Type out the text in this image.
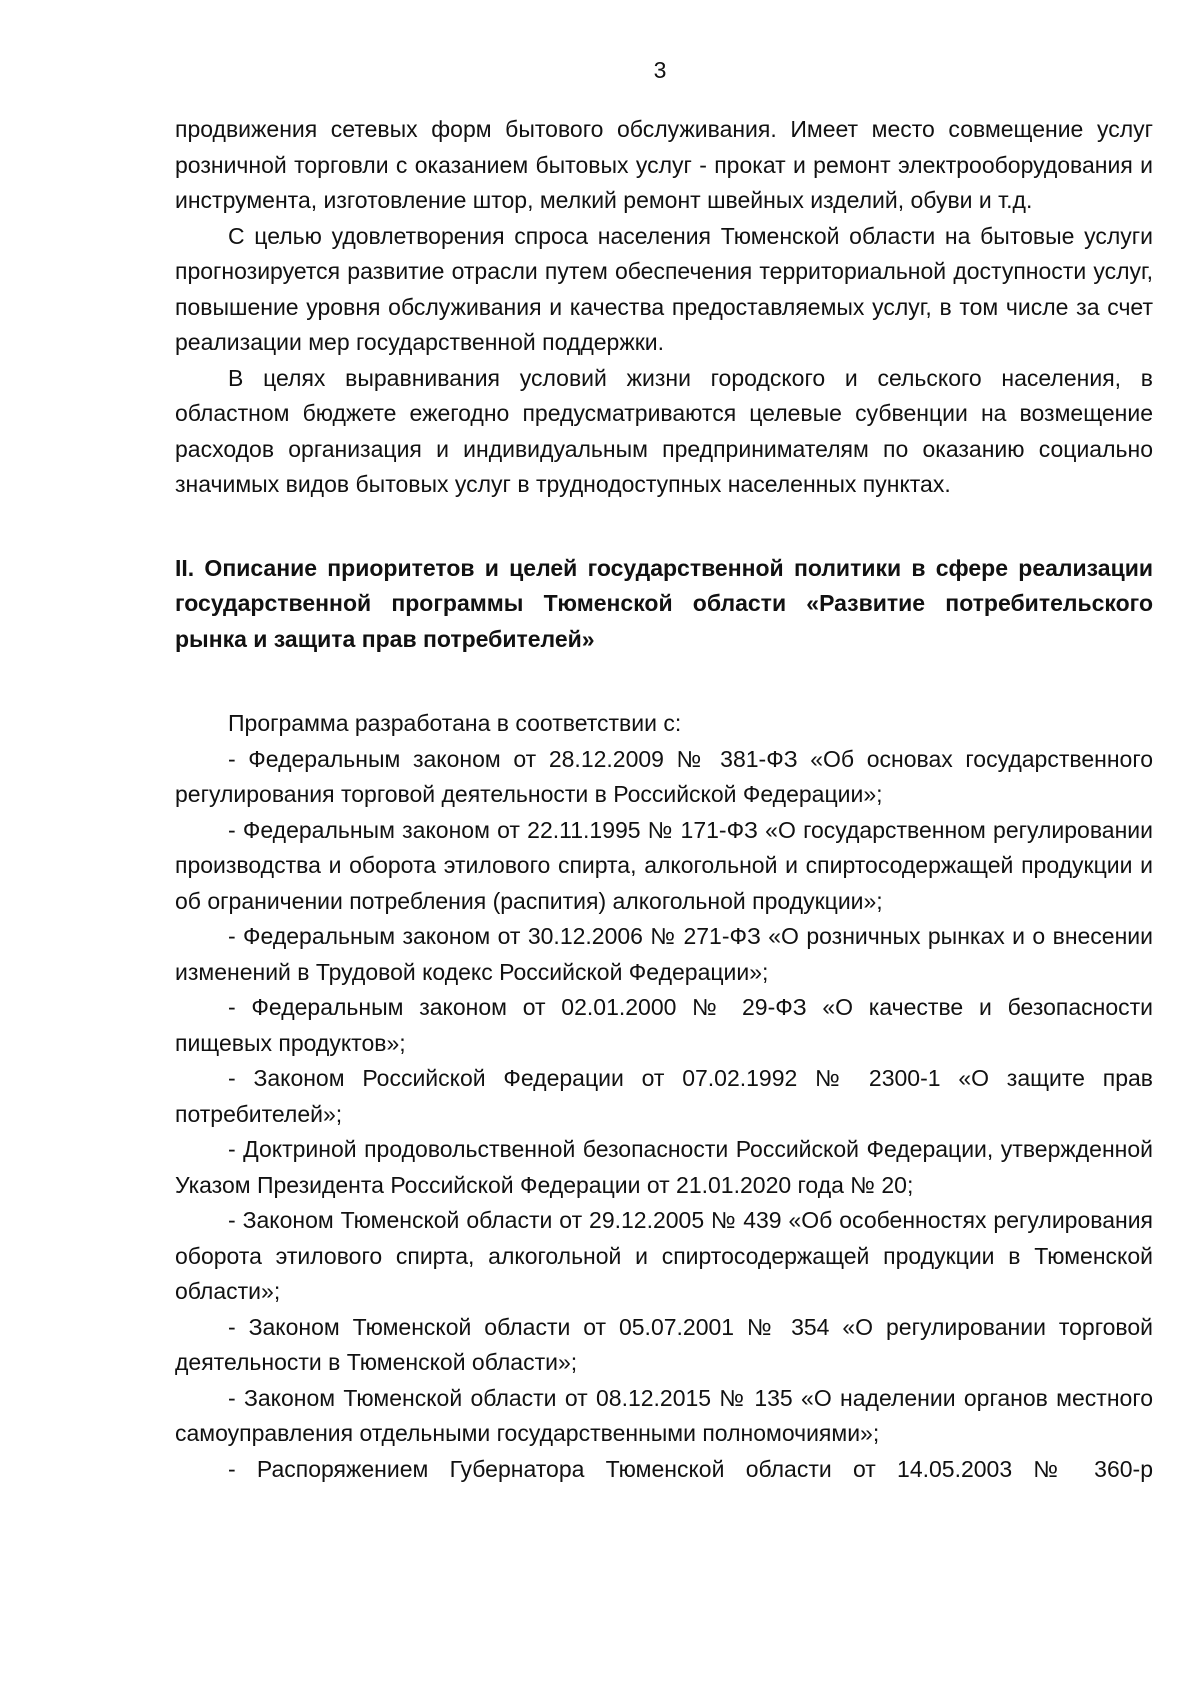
3

продвижения сетевых форм бытового обслуживания. Имеет место совмещение услуг розничной торговли с оказанием бытовых услуг - прокат и ремонт электрооборудования и инструмента, изготовление штор, мелкий ремонт швейных изделий, обуви и т.д.

С целью удовлетворения спроса населения Тюменской области на бытовые услуги прогнозируется развитие отрасли путем обеспечения территориальной доступности услуг, повышение уровня обслуживания и качества предоставляемых услуг, в том числе за счет реализации мер государственной поддержки.

В целях выравнивания условий жизни городского и сельского населения, в областном бюджете ежегодно предусматриваются целевые субвенции на возмещение расходов организация и индивидуальным предпринимателям по оказанию социально значимых видов бытовых услуг в труднодоступных населенных пунктах.

II. Описание приоритетов и целей государственной политики в сфере реализации государственной программы Тюменской области «Развитие потребительского рынка и защита прав потребителей»

Программа разработана в соответствии с:

- Федеральным законом от 28.12.2009 № 381-ФЗ «Об основах государственного регулирования торговой деятельности в Российской Федерации»;

- Федеральным законом от 22.11.1995 № 171-ФЗ «О государственном регулировании производства и оборота этилового спирта, алкогольной и спиртосодержащей продукции и об ограничении потребления (распития) алкогольной продукции»;

- Федеральным законом от 30.12.2006 № 271-ФЗ «О розничных рынках и о внесении изменений в Трудовой кодекс Российской Федерации»;

- Федеральным законом от 02.01.2000 № 29-ФЗ «О качестве и безопасности пищевых продуктов»;

- Законом Российской Федерации от 07.02.1992 № 2300-1 «О защите прав потребителей»;

- Доктриной продовольственной безопасности Российской Федерации, утвержденной Указом Президента Российской Федерации от 21.01.2020 года № 20;

- Законом Тюменской области от 29.12.2005 № 439 «Об особенностях регулирования оборота этилового спирта, алкогольной и спиртосодержащей продукции в Тюменской области»;

- Законом Тюменской области от 05.07.2001 № 354 «О регулировании торговой деятельности в Тюменской области»;

- Законом Тюменской области от 08.12.2015 № 135 «О наделении органов местного самоуправления отдельными государственными полномочиями»;

- Распоряжением Губернатора Тюменской области от 14.05.2003 № 360-р
